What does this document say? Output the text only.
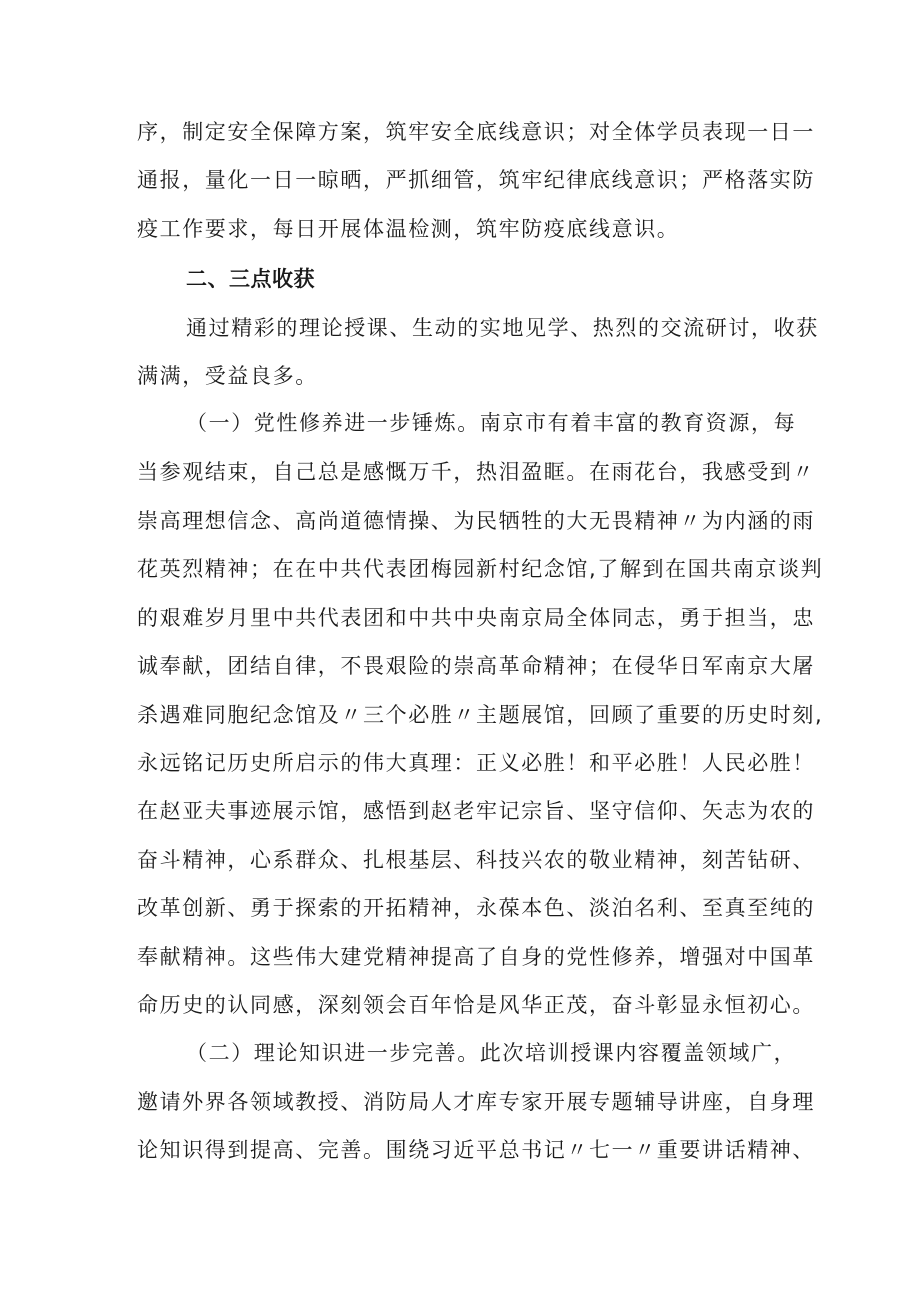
序，制定安全保障方案，筑牢安全底线意识；对全体学员表现一日一
通报，量化一日一晾晒，严抓细管，筑牢纪律底线意识；严格落实防
疫工作要求，每日开展体温检测，筑牢防疫底线意识。
二、三点收获
通过精彩的理论授课、生动的实地见学、热烈的交流研讨，收获
满满，受益良多。
（一）党性修养进一步锤炼。南京市有着丰富的教育资源，每
当参观结束，自己总是感慨万千，热泪盈眶。在雨花台，我感受到〃
崇高理想信念、高尚道德情操、为民牺牲的大无畏精神〃为内涵的雨
花英烈精神；在在中共代表团梅园新村纪念馆,了解到在国共南京谈判
的艰难岁月里中共代表团和中共中央南京局全体同志，勇于担当，忠
诚奉献，团结自律，不畏艰险的崇高革命精神；在侵华日军南京大屠
杀遇难同胞纪念馆及〃三个必胜〃主题展馆，回顾了重要的历史时刻,
永远铭记历史所启示的伟大真理：正义必胜！和平必胜！人民必胜！
在赵亚夫事迹展示馆，感悟到赵老牢记宗旨、坚守信仰、矢志为农的
奋斗精神，心系群众、扎根基层、科技兴农的敬业精神，刻苦钻研、
改革创新、勇于探索的开拓精神，永葆本色、淡泊名利、至真至纯的
奉献精神。这些伟大建党精神提高了自身的党性修养，增强对中国革
命历史的认同感，深刻领会百年恰是风华正茂，奋斗彰显永恒初心。
（二）理论知识进一步完善。此次培训授课内容覆盖领域广，
邀请外界各领域教授、消防局人才库专家开展专题辅导讲座，自身理
论知识得到提高、完善。围绕习近平总书记〃七一〃重要讲话精神、
